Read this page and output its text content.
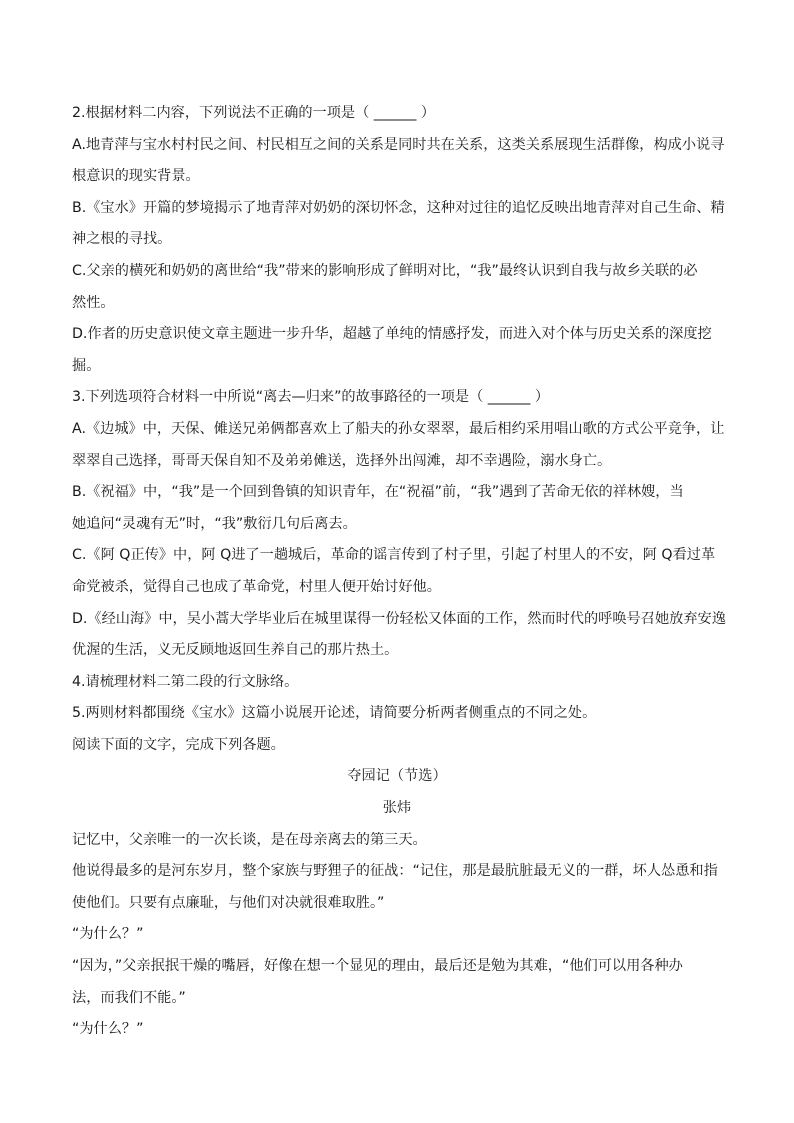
2.根据材料二内容，下列说法不正确的一项是（ ______ ）
A.地青萍与宝水村村民之间、村民相互之间的关系是同时共在关系，这类关系展现生活群像，构成小说寻
根意识的现实背景。
B.《宝水》开篇的梦境揭示了地青萍对奶奶的深切怀念，这种对过往的追忆反映出地青萍对自己生命、精
神之根的寻找。
C.父亲的横死和奶奶的离世给“我”带来的影响形成了鲜明对比，“我”最终认识到自我与故乡关联的必
然性。
D.作者的历史意识使文章主题进一步升华，超越了单纯的情感抒发，而进入对个体与历史关系的深度挖
掘。
3.下列选项符合材料一中所说“离去—归来”的故事路径的一项是（ ______ ）
A.《边城》中，天保、傩送兄弟俩都喜欢上了船夫的孙女翠翠，最后相约采用唱山歌的方式公平竞争，让
翠翠自己选择，哥哥天保自知不及弟弟傩送，选择外出闯滩，却不幸遇险，溺水身亡。
B.《祝福》中，“我”是一个回到鲁镇的知识青年，在“祝福”前，“我”遇到了苦命无依的祥林嫂，当
她追问“灵魂有无”时，“我”敷衍几句后离去。
C.《阿 Q正传》中，阿 Q进了一趟城后，革命的谣言传到了村子里，引起了村里人的不安，阿 Q看过革
命党被杀，觉得自己也成了革命党，村里人便开始讨好他。
D.《经山海》中，吴小蒿大学毕业后在城里谋得一份轻松又体面的工作，然而时代的呼唤号召她放弃安逸
优渥的生活，义无反顾地返回生养自己的那片热土。
4.请梳理材料二第二段的行文脉络。
5.两则材料都围绕《宝水》这篇小说展开论述，请简要分析两者侧重点的不同之处。
阅读下面的文字，完成下列各题。
夺园记（节选）
张炜
记忆中，父亲唯一的一次长谈，是在母亲离去的第三天。
他说得最多的是河东岁月，整个家族与野狸子的征战：“记住，那是最肮脏最无义的一群，坏人怂恿和指
使他们。只要有点廉耻，与他们对决就很难取胜。”
“为什么？”
“因为，”父亲抿抿干燥的嘴唇，好像在想一个显见的理由，最后还是勉为其难，“他们可以用各种办
法，而我们不能。”
“为什么？”
